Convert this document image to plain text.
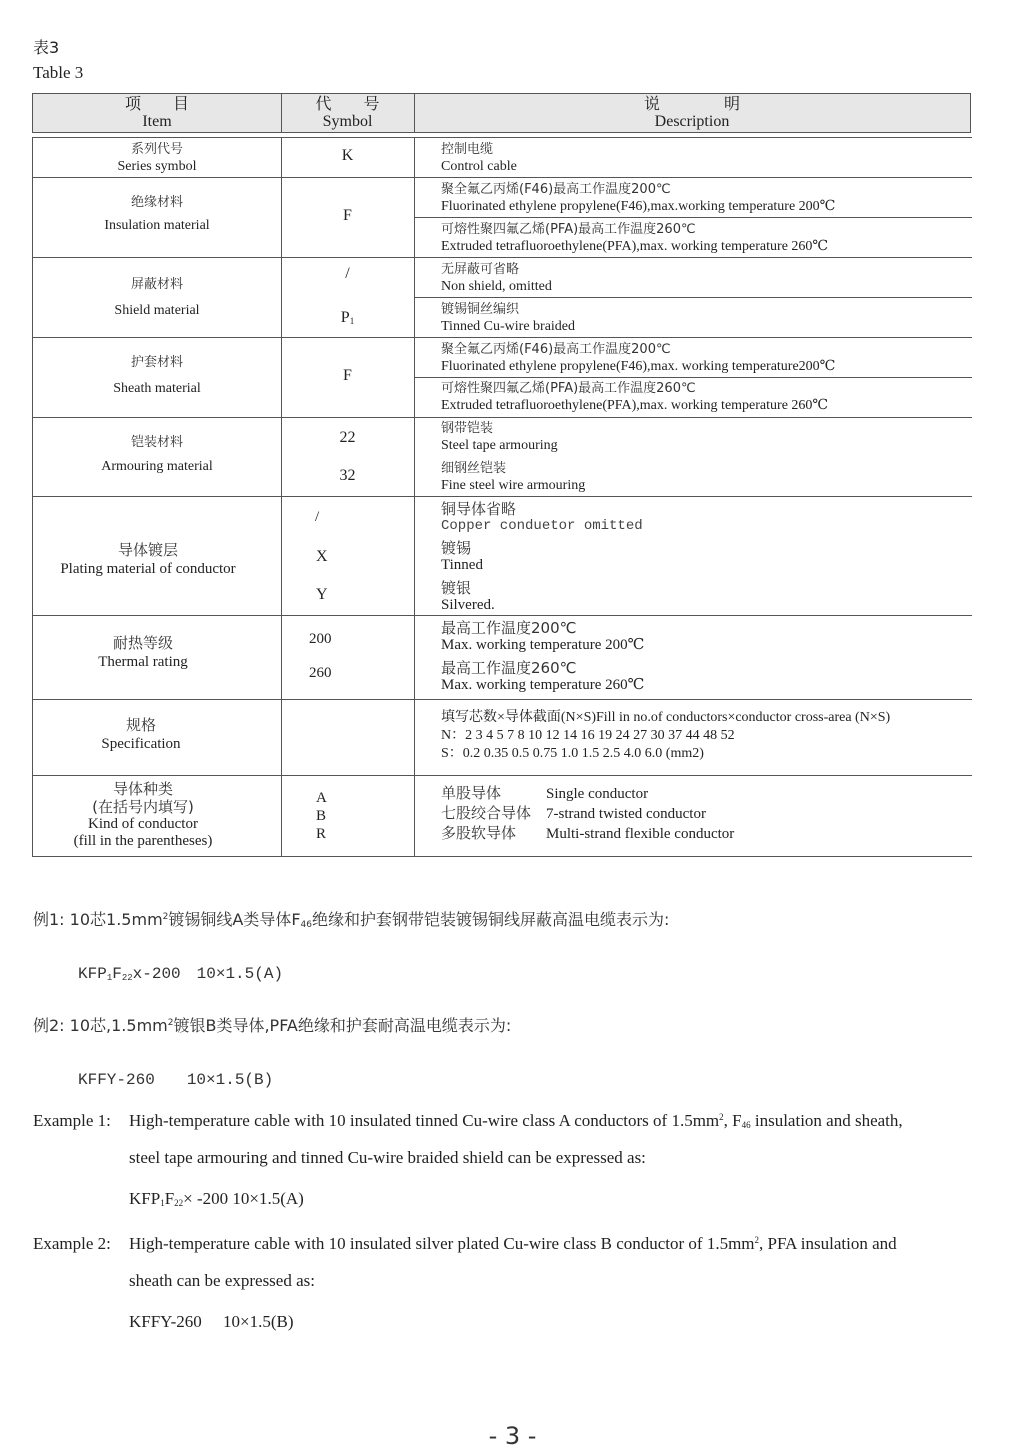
表3
Table 3
项　　目
Item
代　　号
Symbol
说　　　　明
Description
系列代号
Series symbol
K	控制电缆
Control cable
绝缘材料
Insulation material
F
聚全氟乙丙烯(F46)最高工作温度200℃
Fluorinated ethylene propylene(F46),max.working temperature 200℃
可熔性聚四氟乙烯(PFA)最高工作温度260℃
Extruded tetrafluoroethylene(PFA),max. working temperature 260℃
屏蔽材料
Shield material
/
$P_1$
无屏蔽可省略
Non shield, omitted
镀锡铜丝编织
Tinned Cu-wire braided
护套材料
Sheath material
F
聚全氟乙丙烯(F46)最高工作温度200℃
Fluorinated ethylene propylene(F46),max. working temperature200℃
可熔性聚四氟乙烯(PFA)最高工作温度260℃
Extruded tetrafluoroethylene(PFA),max. working temperature 260℃
铠装材料
Armouring material
22
32
钢带铠装
Steel tape armouring
细钢丝铠装
Fine steel wire armouring
导体镀层
Plating material of conductor
/
X
Y
铜导体省略
Copper conduetor omitted
镀锡
Tinned
镀银
Silvered.
耐热等级
Thermal rating
200
260
最高工作温度200℃
Max. working temperature 200℃
最高工作温度260℃
Max. working temperature 260℃
规格
Specification
填写芯数×导体截面(N×S)Fill in no.of conductors×conductor cross-area (N×S)
N：2 3 4 5 7 8 10 12 14 16 19 24 27 30 37 44 48 52
S：0.2 0.35 0.5 0.75 1.0 1.5 2.5 4.0 6.0 (mm2)
导体种类
(在括号内填写)
Kind of conductor
(fill in the parentheses)
A
B
R
单股导体	Single conductor
七股绞合导体 7-strand twisted conductor
多股软导体 Multi-strand flexible conductor
例1: 10芯$1.5mm^2$镀锡铜线A类导体$F_{46}$绝缘和护套钢带铠装镀锡铜线屏蔽高温电缆表示为:
$KFP_1F_{22}x-200$　10×1.5(A)
例2: 10芯$,1.5mm^2$镀银B类导体,PFA绝缘和护套耐高温电缆表示为:
KFFY-260　　10×1.5(B)
Example 1: High-temperature cable with 10 insulated tinned Cu-wire class A conductors of $1.5mm^2$, $F_{46}$ insulation and sheath,
steel tape armouring and tinned Cu-wire braided shield can be expressed as:
$KFP_1F_{22}\times -200$ 10×1.5(A)
Example 2: High-temperature cable with 10 insulated silver plated Cu-wire class B conductor of $1.5mm^2$, PFA insulation and
sheath can be expressed as:
KFFY-260　 10×1.5(B)
- 3 -
